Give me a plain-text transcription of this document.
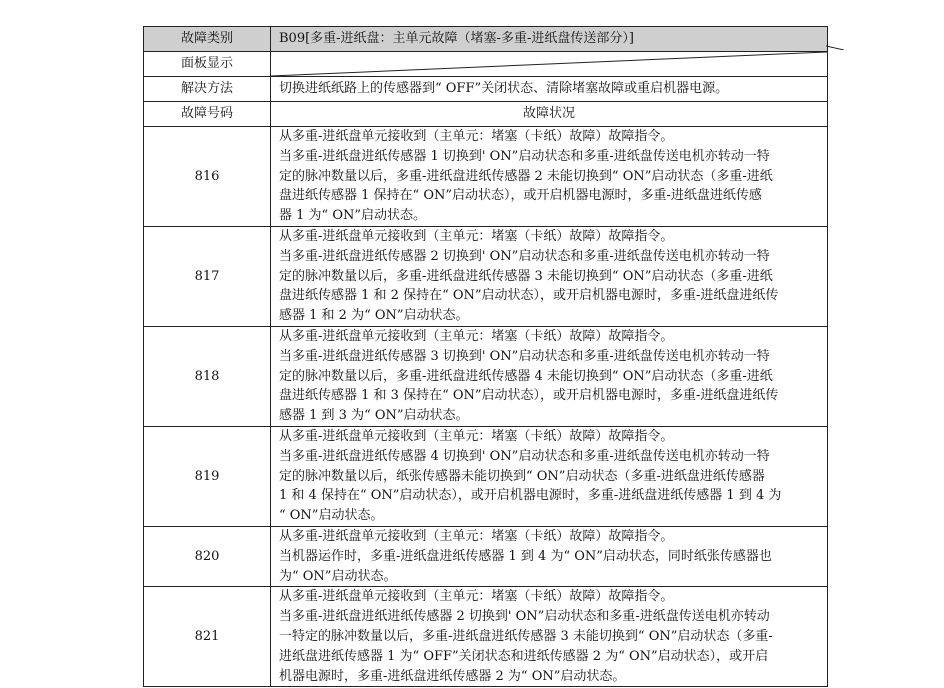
故障类别	B09[多重-进纸盘：主单元故障（堵塞-多重-进纸盘传送部分）]
面板显示	

解决方法	切换进纸纸路上的传感器到“ OFF”关闭状态、清除堵塞故障或重启机器电源。
故障号码	故障状况
816	从多重-进纸盘单元接收到（主单元：堵塞（卡纸）故障）故障指令。
当多重-进纸盘进纸传感器 1 切换到' ON”启动状态和多重-进纸盘传送电机亦转动一特
定的脉冲数量以后，多重-进纸盘进纸传感器 2 未能切换到“ ON”启动状态（多重-进纸
盘进纸传感器 1 保持在“ ON”启动状态），或开启机器电源时，多重-进纸盘进纸传感
器 1 为“ ON”启动状态。

817	从多重-进纸盘单元接收到（主单元：堵塞（卡纸）故障）故障指令。
当多重-进纸盘进纸传感器 2 切换到' ON”启动状态和多重-进纸盘传送电机亦转动一特
定的脉冲数量以后，多重-进纸盘进纸传感器 3 未能切换到“ ON”启动状态（多重-进纸
盘进纸传感器 1 和 2 保持在“ ON”启动状态），或开启机器电源时，多重-进纸盘进纸传
感器 1 和 2 为“ ON”启动状态。

818	从多重-进纸盘单元接收到（主单元：堵塞（卡纸）故障）故障指令。
当多重-进纸盘进纸传感器 3 切换到' ON”启动状态和多重-进纸盘传送电机亦转动一特
定的脉冲数量以后，多重-进纸盘进纸传感器 4 未能切换到“ ON”启动状态（多重-进纸
盘进纸传感器 1 和 3 保持在“ ON”启动状态），或开启机器电源时，多重-进纸盘进纸传
感器 1 到 3 为“ ON”启动状态。

819	从多重-进纸盘单元接收到（主单元：堵塞（卡纸）故障）故障指令。
当多重-进纸盘进纸传感器 4 切换到' ON”启动状态和多重-进纸盘传送电机亦转动一特
定的脉冲数量以后，纸张传感器未能切换到“ ON”启动状态（多重-进纸盘进纸传感器
1 和 4 保持在“ ON”启动状态），或开启机器电源时，多重-进纸盘进纸传感器 1 到 4 为
“ ON”启动状态。

820	从多重-进纸盘单元接收到（主单元：堵塞（卡纸）故障）故障指令。
当机器运作时，多重-进纸盘进纸传感器 1 到 4 为“ ON”启动状态，同时纸张传感器也
为“ ON”启动状态。

821	从多重-进纸盘单元接收到（主单元：堵塞（卡纸）故障）故障指令。
当多重-进纸盘进纸进纸传感器 2 切换到' ON”启动状态和多重-进纸盘传送电机亦转动
一特定的脉冲数量以后，多重-进纸盘进纸传感器 3 未能切换到“ ON”启动状态（多重-
进纸盘进纸传感器 1 为“ OFF”关闭状态和进纸传感器 2 为“ ON”启动状态），或开启
机器电源时，多重-进纸盘进纸传感器 2 为“ ON”启动状态。
